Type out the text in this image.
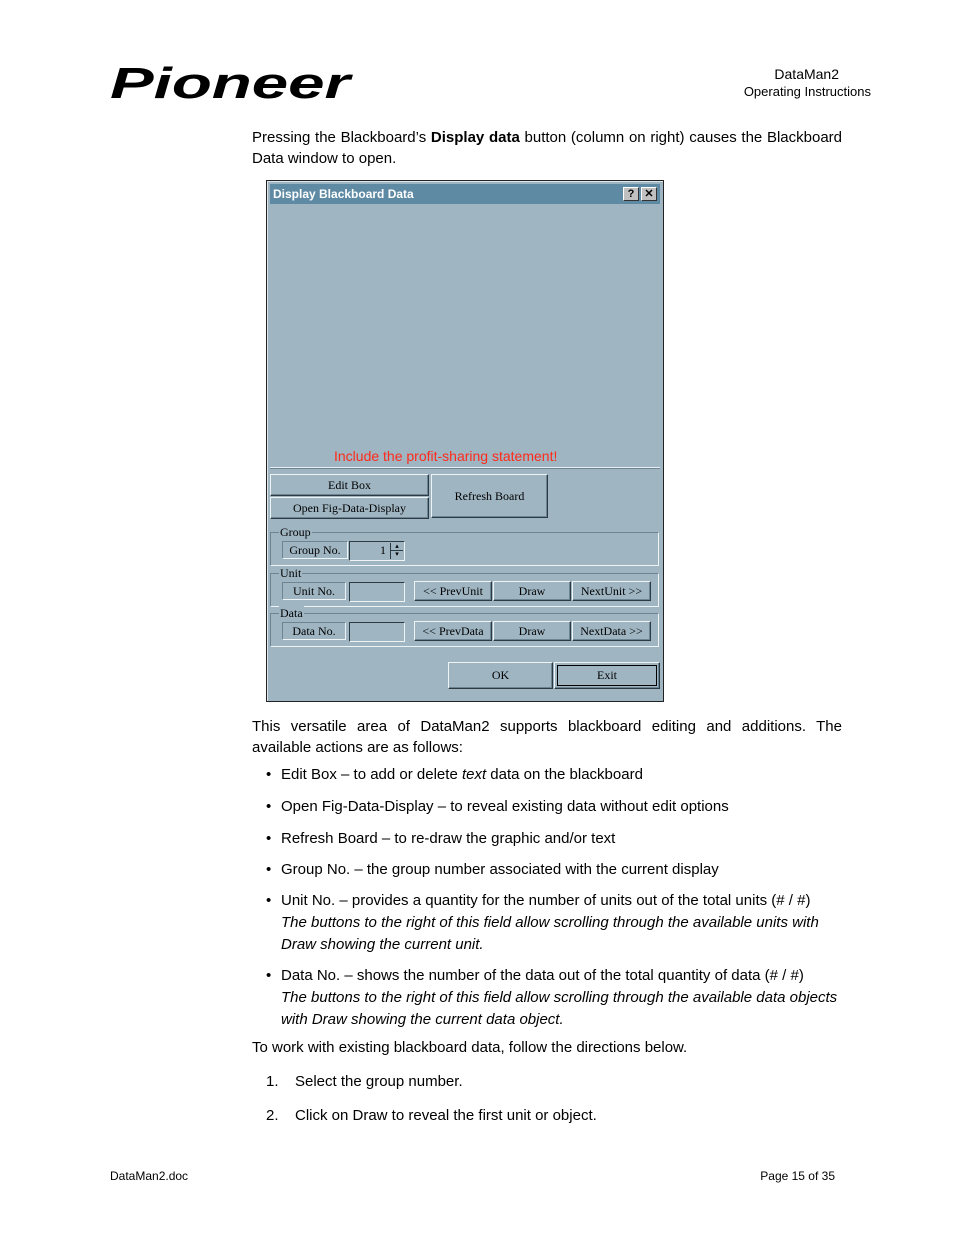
Pioneer	DataMan2
Operating Instructions
Pressing the Blackboard’s Display data button (column on right) causes the Blackboard Data window to open.
Display Blackboard Data	? ✕
Include the profit-sharing statement!
Edit Box
Open Fig-Data-Display
Refresh Board
Group
Group No.	1	▴
▾
Unit
Unit No.	<< PrevUnit	Draw	NextUnit >>
Data
Data No.	<< PrevData	Draw	NextData >>
OK	Exit
This versatile area of DataMan2 supports blackboard editing and additions. The available actions are as follows:
• Edit Box – to add or delete text data on the blackboard
• Open Fig-Data-Display – to reveal existing data without edit options
• Refresh Board – to re-draw the graphic and/or text
• Group No. – the group number associated with the current display
• Unit No. – provides a quantity for the number of units out of the total units (# / #)
The buttons to the right of this field allow scrolling through the available units with Draw showing the current unit.
• Data No. – shows the number of the data out of the total quantity of data (# / #)
The buttons to the right of this field allow scrolling through the available data objects with Draw showing the current data object.
To work with existing blackboard data, follow the directions below.
1. Select the group number.
2. Click on Draw to reveal the first unit or object.
DataMan2.doc	Page 15 of 35
